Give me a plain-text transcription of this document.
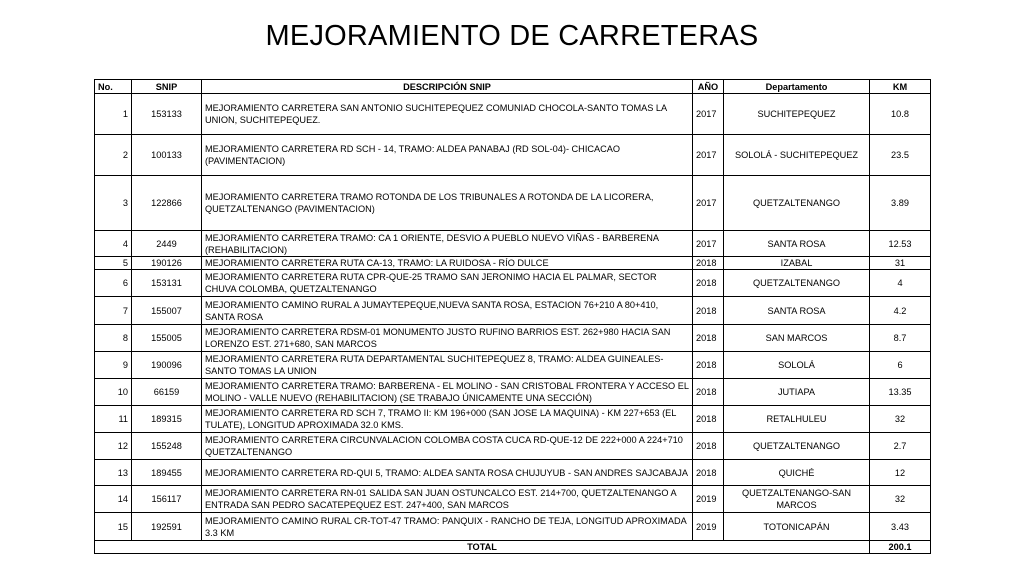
MEJORAMIENTO DE CARRETERAS
No.	SNIP	DESCRIPCIÓN SNIP	AÑO	Departamento	KM
1	153133	MEJORAMIENTO CARRETERA SAN ANTONIO SUCHITEPEQUEZ COMUNIAD CHOCOLA-SANTO TOMAS LA UNION, SUCHITEPEQUEZ.	2017	SUCHITEPEQUEZ	10.8
2	100133	MEJORAMIENTO CARRETERA RD SCH - 14, TRAMO: ALDEA PANABAJ (RD SOL-04)- CHICACAO (PAVIMENTACION)	2017	SOLOLÁ - SUCHITEPEQUEZ	23.5
3	122866	MEJORAMIENTO CARRETERA TRAMO ROTONDA DE LOS TRIBUNALES A ROTONDA DE LA LICORERA, QUETZALTENANGO (PAVIMENTACION)	2017	QUETZALTENANGO	3.89
4	2449	MEJORAMIENTO CARRETERA TRAMO: CA 1 ORIENTE, DESVIO A PUEBLO NUEVO VIÑAS - BARBERENA (REHABILITACION)	2017	SANTA ROSA	12.53
5	190126	MEJORAMIENTO CARRETERA RUTA CA-13, TRAMO: LA RUIDOSA - RÍO DULCE	2018	IZABAL	31
6	153131	MEJORAMIENTO CARRETERA RUTA CPR-QUE-25 TRAMO SAN JERONIMO HACIA EL PALMAR, SECTOR CHUVA COLOMBA, QUETZALTENANGO	2018	QUETZALTENANGO	4
7	155007	MEJORAMIENTO CAMINO RURAL A JUMAYTEPEQUE,NUEVA SANTA ROSA, ESTACION 76+210 A 80+410, SANTA ROSA	2018	SANTA ROSA	4.2
8	155005	MEJORAMIENTO CARRETERA RDSM-01 MONUMENTO JUSTO RUFINO BARRIOS EST. 262+980 HACIA SAN LORENZO EST. 271+680, SAN MARCOS	2018	SAN MARCOS	8.7
9	190096	MEJORAMIENTO CARRETERA RUTA DEPARTAMENTAL SUCHITEPEQUEZ 8, TRAMO: ALDEA GUINEALES-SANTO TOMAS LA UNION	2018	SOLOLÁ	6
10	66159	MEJORAMIENTO CARRETERA TRAMO: BARBERENA - EL MOLINO - SAN CRISTOBAL FRONTERA Y ACCESO EL MOLINO - VALLE NUEVO (REHABILITACION) (SE TRABAJO ÚNICAMENTE UNA SECCIÓN)	2018	JUTIAPA	13.35
11	189315	MEJORAMIENTO CARRETERA RD SCH 7, TRAMO II: KM 196+000 (SAN JOSE LA MAQUINA) - KM 227+653 (EL TULATE), LONGITUD APROXIMADA 32.0 KMS.	2018	RETALHULEU	32
12	155248	MEJORAMIENTO CARRETERA CIRCUNVALACION COLOMBA COSTA CUCA RD-QUE-12 DE 222+000 A 224+710 QUETZALTENANGO	2018	QUETZALTENANGO	2.7
13	189455	MEJORAMIENTO CARRETERA RD-QUI 5, TRAMO: ALDEA SANTA ROSA CHUJUYUB - SAN ANDRES SAJCABAJA	2018	QUICHÉ	12
14	156117	MEJORAMIENTO CARRETERA RN-01 SALIDA SAN JUAN OSTUNCALCO EST. 214+700, QUETZALTENANGO A ENTRADA SAN PEDRO SACATEPEQUEZ EST. 247+400, SAN MARCOS	2019	QUETZALTENANGO-SAN MARCOS	32
15	192591	MEJORAMIENTO CAMINO RURAL CR-TOT-47 TRAMO: PANQUIX - RANCHO DE TEJA, LONGITUD APROXIMADA 3.3 KM	2019	TOTONICAPÁN	3.43
TOTAL					200.1
